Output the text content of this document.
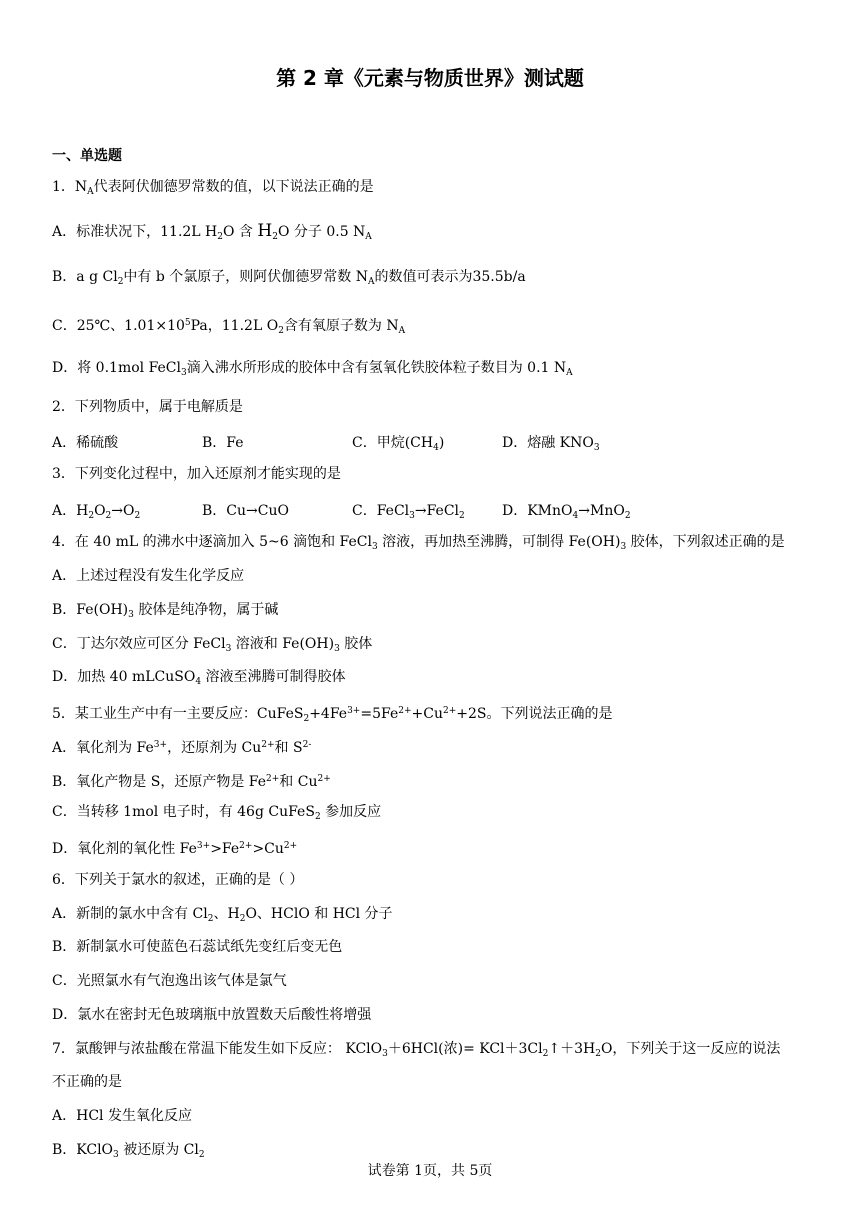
第 2 章《元素与物质世界》测试题
一、单选题
1．$N_A$代表阿伏伽德罗常数的值，以下说法正确的是
A．标准状况下，11.2L $H_2O$ 含 $H_2O$ 分子 0.5 $N_A$
B．a g $Cl_2$中有 b 个氯原子，则阿伏伽德罗常数 $N_A$的数值可表示为35.5b/a
C．25℃、$1.01\times 10^5Pa$，11.2L $O_2$含有氧原子数为 $N_A$
D．将 0.1mol FeCl$_3$滴入沸水所形成的胶体中含有氢氧化铁胶体粒子数目为 0.1 $N_A$
2．下列物质中，属于电解质是
A．稀硫酸	B．Fe	C．甲烷$(CH_4)$	D．熔融 $KNO_3$
3．下列变化过程中，加入还原剂才能实现的是
A．$H_2O_2\to O_2$	B．Cu→CuO	C．FeCl$_3$→FeCl$_2$	D．KMnO$_4$→MnO$_2$
4．在 40 mL 的沸水中逐滴加入 5~6 滴饱和 FeCl$_3$ 溶液，再加热至沸腾，可制得 $Fe(OH)_3$ 胶体，下列叙述正确的是
A．上述过程没有发生化学反应
B．$Fe(OH)_3$ 胶体是纯净物，属于碱
C．丁达尔效应可区分 FeCl$_3$ 溶液和 $Fe(OH)_3$ 胶体
D．加热 40 mLCuSO$_4$ 溶液至沸腾可制得胶体
5．某工业生产中有一主要反应：$CuFeS_2+4Fe^{3+}=5Fe^{2+}+Cu^{2+}+2S$。下列说法正确的是
A．氧化剂为 $Fe^{3+}$，还原剂为 $Cu^{2+}$和 $S^{2-}$
B．氧化产物是 S，还原产物是 $Fe^{2+}$和 $Cu^{2+}$
C．当转移 1mol 电子时，有 46g CuFeS$_2$ 参加反应
D．氧化剂的氧化性 $Fe^{3+}>Fe^{2+}>Cu^{2+}$
6．下列关于氯水的叙述，正确的是（ ）
A．新制的氯水中含有 $Cl_2$、$H_2O$、HClO 和 HCl 分子
B．新制氯水可使蓝色石蕊试纸先变红后变无色
C．光照氯水有气泡逸出该气体是氯气
D．氯水在密封无色玻璃瓶中放置数天后酸性将增强
7．氯酸钾与浓盐酸在常温下能发生如下反应： KClO$_3$＋6HCl(浓)= $KCl+3Cl_2↑+3H_2O$，下列关于这一反应的说法
不正确的是
A．HCl 发生氧化反应
B．KClO$_3$ 被还原为 $Cl_2$
试卷第 1页，共 5页
